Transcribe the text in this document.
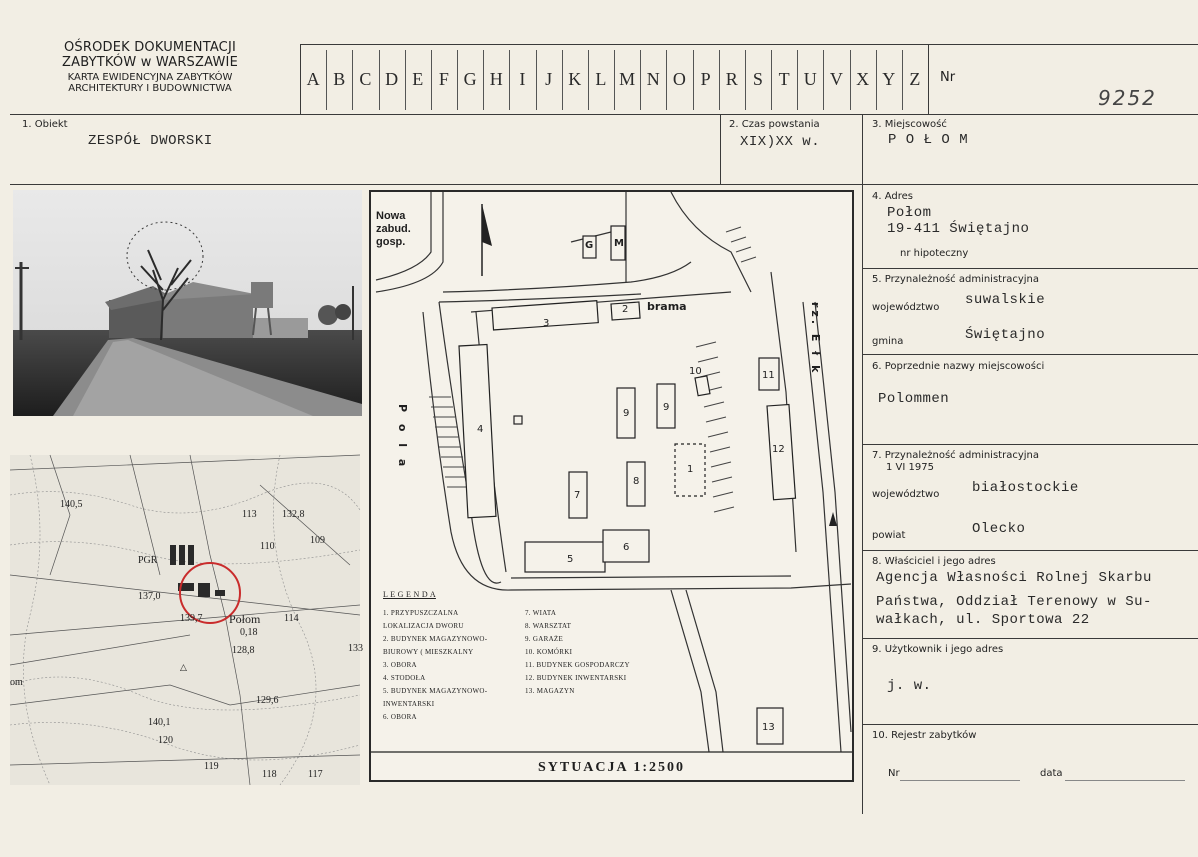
OŚRODEK DOKUMENTACJI
ZABYTKÓW w WARSZAWIE
KARTA EWIDENCYJNA ZABYTKÓW
ARCHITEKTURY I BUDOWNICTWA	A B C D E F G H I	J K L M N O P R S T U V X Y Z	Nr
9252
1. Obiekt
ZESPÓŁ DWORSKI
2. Czas powstania
XIX)XX w.
3. Miejscowość
P O Ł O M
4. Adres
Połom
19-411 Świętajno
nr hipoteczny
5. Przynależność administracyjna
województwo suwalskie
gmina	Świętajno
6. Poprzednie nazwy miejscowości
Polommen
7. Przynależność administracyjna
1 VI 1975
województwo białostockie
powiat	Olecko
8. Właściciel i jego adres
Agencja Własności Rolnej Skarbu
Państwa, Oddział Terenowy w Su-
wałkach, ul. Sportowa 22
9. Użytkownik i jego adres
j. w.
10. Rejestr zabytków
Nr	data
140,5
132,8
109
PGR
110
137,0
139,7 Połom
0,18
114
128,8	133
om
140,1
129,6
120
119
118	117
113
△
Nowa
zabud.
gosp.
P o l a
brama	rz. E ł k
G M
3
2
4
5
6
7
8
9
9
10
1
11
12
13
L E G E N D A
1. PRZYPUSZCZALNA
LOKALIZACJA DWORU
2. BUDYNEK MAGAZYNOWO-
BIUROWY ( MIESZKALNY
3. OBORA
4. STODOŁA
5. BUDYNEK MAGAZYNOWO-
INWENTARSKI
6. OBORA
7. WIATA
8. WARSZTAT
9. GARAŻE
10. KOMÓRKI
11. BUDYNEK GOSPODARCZY
12. BUDYNEK INWENTARSKI
13. MAGAZYN
SYTUACJA 1:2500
